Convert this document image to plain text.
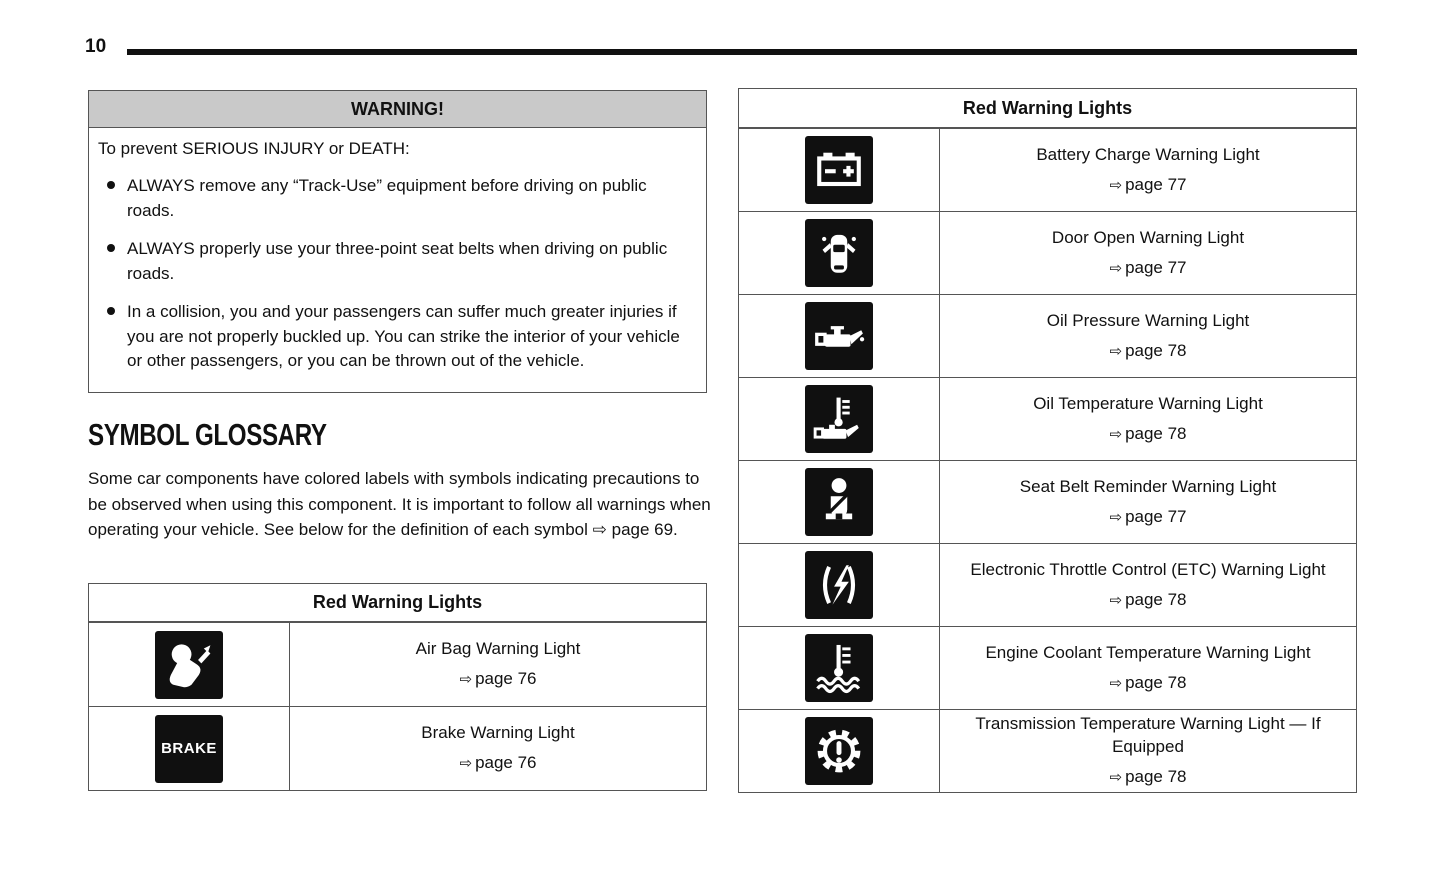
10
WARNING!
To prevent SERIOUS INJURY or DEATH:
ALWAYS remove any “Track-Use” equipment before driving on public roads.
ALWAYS properly use your three-point seat belts when driving on public roads.
In a collision, you and your passengers can suffer much greater injuries if you are not properly buckled up. You can strike the interior of your vehicle or other passengers, or you can be thrown out of the vehicle.
SYMBOL GLOSSARY
Some car components have colored labels with symbols indicating precautions to be observed when using this component. It is important to follow all warnings when operating your vehicle. See below for the definition of each symbol ⇨ page 69.
Red Warning Lights
Air Bag Warning Light
⇨ page 76
BRAKE
Brake Warning Light
⇨ page 76
Red Warning Lights
Battery Charge Warning Light
⇨ page 77
Door Open Warning Light
⇨ page 77
Oil Pressure Warning Light
⇨ page 78
Oil Temperature Warning Light
⇨ page 78
Seat Belt Reminder Warning Light
⇨ page 77
Electronic Throttle Control (ETC) Warning Light
⇨ page 78
Engine Coolant Temperature Warning Light
⇨ page 78
Transmission Temperature Warning Light — If Equipped
⇨ page 78
